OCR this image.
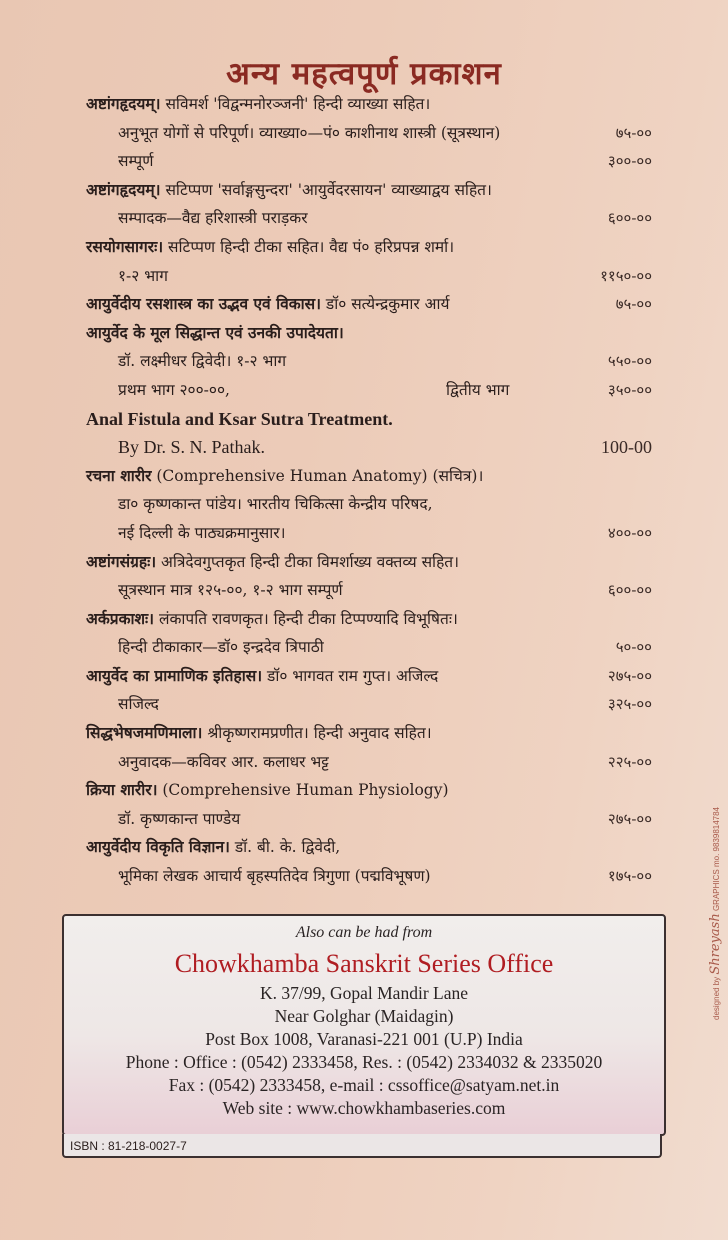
अन्य महत्वपूर्ण प्रकाशन
अष्टांगहृदयम्। सविमर्श 'विद्वन्मनोरञ्जनी' हिन्दी व्याख्या सहित।
अनुभूत योगों से परिपूर्ण। व्याख्या०—पं० काशीनाथ शास्त्री (सूत्रस्थान)	७५-००
सम्पूर्ण	३००-००
अष्टांगहृदयम्। सटिप्पण 'सर्वाङ्गसुन्दरा' 'आयुर्वेदरसायन' व्याख्याद्वय सहित।
सम्पादक—वैद्य हरिशास्त्री पराड़कर	६००-००
रसयोगसागरः। सटिप्पण हिन्दी टीका सहित। वैद्य पं० हरिप्रपन्न शर्मा।
१-२ भाग	११५०-००
आयुर्वेदीय रसशास्त्र का उद्भव एवं विकास। डॉ० सत्येन्द्रकुमार आर्य	७५-००
आयुर्वेद के मूल सिद्धान्त एवं उनकी उपादेयता।
डॉ. लक्ष्मीधर द्विवेदी। १-२ भाग	५५०-००
प्रथम भाग २००-००,	द्वितीय भाग	३५०-००
Anal Fistula and Ksar Sutra Treatment.
By Dr. S. N. Pathak.	100-00
रचना शारीर (Comprehensive Human Anatomy) (सचित्र)।
डा० कृष्णकान्त पांडेय। भारतीय चिकित्सा केन्द्रीय परिषद,
नई दिल्ली के पाठ्यक्रमानुसार।	४००-००
अष्टांगसंग्रहः। अत्रिदेवगुप्तकृत हिन्दी टीका विमर्शाख्य वक्तव्य सहित।
सूत्रस्थान मात्र १२५-००, १-२ भाग सम्पूर्ण	६००-००
अर्कप्रकाशः। लंकापति रावणकृत। हिन्दी टीका टिप्पण्यादि विभूषितः।
हिन्दी टीकाकार—डॉ० इन्द्रदेव त्रिपाठी	५०-००
आयुर्वेद का प्रामाणिक इतिहास। डॉ० भागवत राम गुप्त। अजिल्द	२७५-००
सजिल्द	३२५-००
सिद्धभेषजमणिमाला। श्रीकृष्णरामप्रणीत। हिन्दी अनुवाद सहित।
अनुवादक—कविवर आर. कलाधर भट्ट	२२५-००
क्रिया शारीर। (Comprehensive Human Physiology)
डॉ. कृष्णकान्त पाण्डेय	२७५-००
आयुर्वेदीय विकृति विज्ञान। डॉ. बी. के. द्विवेदी,
भूमिका लेखक आचार्य बृहस्पतिदेव त्रिगुणा (पद्मविभूषण)	१७५-००
Also can be had from
Chowkhamba Sanskrit Series Office
K. 37/99, Gopal Mandir Lane
Near Golghar (Maidagin)
Post Box 1008, Varanasi-221 001 (U.P) India
Phone : Office : (0542) 2333458, Res. : (0542) 2334032 & 2335020
Fax : (0542) 2333458, e-mail : cssoffice@satyam.net.in
Web site : www.chowkhambaseries.com
ISBN : 81-218-0027-7
designed by Shreyash GRAPHICS mo. 9839814784
